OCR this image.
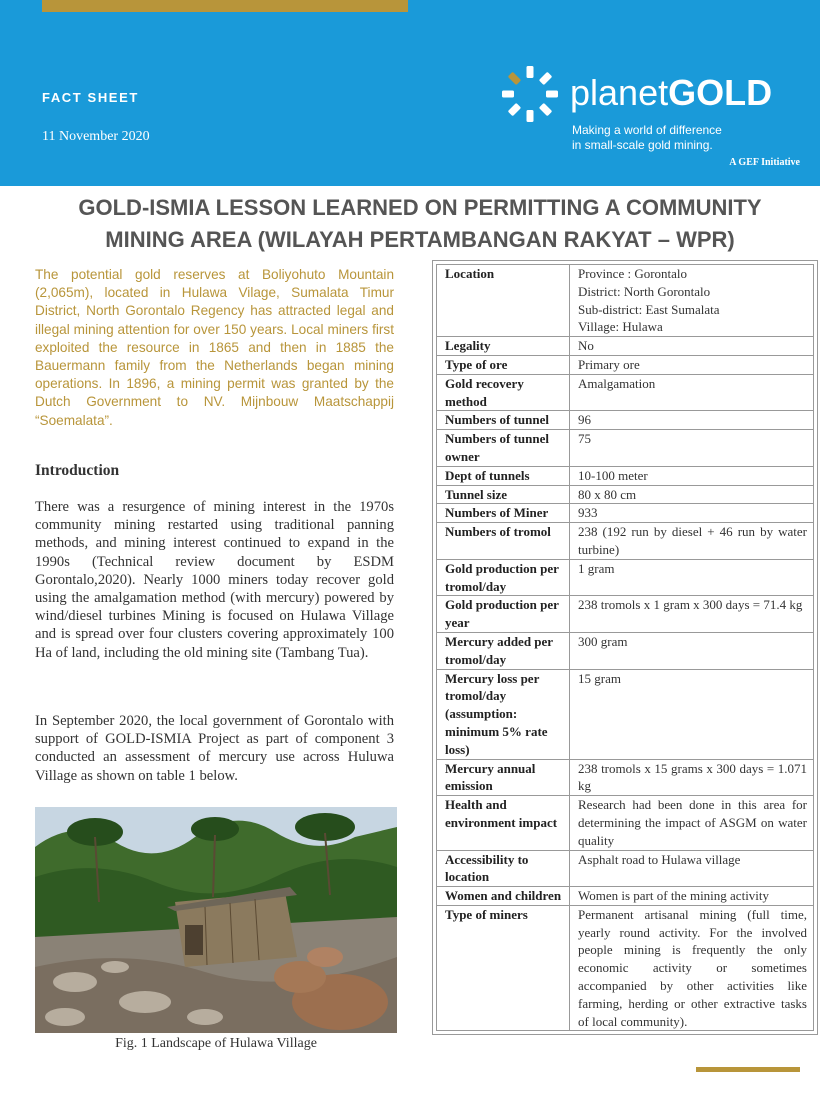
FACT SHEET
11 November 2020
planetGOLD
Making a world of difference
in small-scale gold mining.
A GEF Initiative
GOLD-ISMIA LESSON LEARNED ON PERMITTING A COMMUNITY
MINING AREA (WILAYAH PERTAMBANGAN RAKYAT – WPR)
The potential gold reserves at Boliyohuto Mountain (2,065m), located in Hulawa Vilage, Sumalata Timur District, North Gorontalo Regency has attracted legal and illegal mining attention for over 150 years. Local miners first exploited the resource in 1865 and then in 1885 the Bauermann family from the Netherlands began mining operations. In 1896, a mining permit was granted by the Dutch Government to NV. Mijnbouw Maatschappij “Soemalata”.
Introduction
There was a resurgence of mining interest in the 1970s community mining restarted using traditional panning methods, and mining interest continued to expand in the 1990s (Technical review document by ESDM Gorontalo,2020). Nearly 1000 miners today recover gold using the amalgamation method (with mercury) powered by wind/diesel turbines Mining is focused on Hulawa Village and is spread over four clusters covering approximately 100 Ha of land, including the old mining site (Tambang Tua).
In September 2020, the local government of Gorontalo with support of GOLD-ISMIA Project as part of component 3 conducted an assessment of mercury use across Huluwa Village as shown on table 1 below.
Fig. 1 Landscape of Hulawa Village
Location	Province : Gorontalo
District: North Gorontalo
Sub-district: East Sumalata
Village: Hulawa

Legality	No
Type of ore	Primary ore
Gold recovery method	Amalgamation
Numbers of tunnel	96
Numbers of tunnel owner	75
Dept of tunnels	10-100 meter
Tunnel size	80 x 80 cm
Numbers of Miner	933
Numbers of tromol	238 (192 run by diesel + 46 run by water turbine)
Gold production per tromol/day	1 gram
Gold production per year	238 tromols x 1 gram x 300 days = 71.4 kg
Mercury added per tromol/day	300 gram
Mercury loss per tromol/day (assumption: minimum 5% rate loss)	15 gram
Mercury annual emission	238 tromols x 15 grams x 300 days = 1.071 kg
Health and environment impact	Research had been done in this area for determining the impact of ASGM on water quality
Accessibility to location	Asphalt road to Hulawa village
Women and children	Women is part of the mining activity
Type of miners	Permanent artisanal mining (full time, yearly round activity. For the involved people mining is frequently the only economic activity or sometimes accompanied by other activities like farming, herding or other extractive tasks of local community).
